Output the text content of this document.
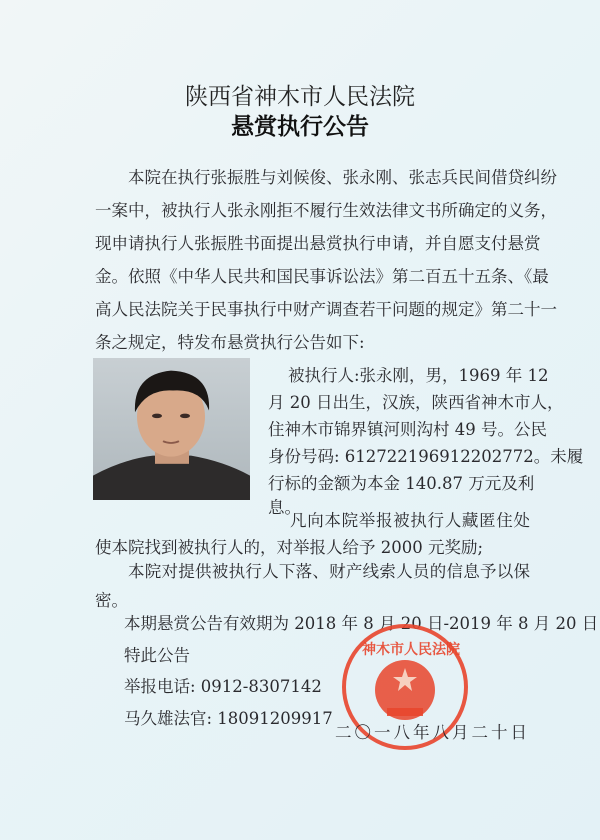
陕西省神木市人民法院
悬赏执行公告
本院在执行张振胜与刘候俊、张永刚、张志兵民间借贷纠纷
一案中，被执行人张永刚拒不履行生效法律文书所确定的义务，
现申请执行人张振胜书面提出悬赏执行申请，并自愿支付悬赏
金。依照《中华人民共和国民事诉讼法》第二百五十五条、《最
高人民法院关于民事执行中财产调查若干问题的规定》第二十一
条之规定，特发布悬赏执行公告如下:
被执行人:张永刚，男，1969 年 12
月 20 日出生，汉族，陕西省神木市人，
住神木市锦界镇河则沟村 49 号。公民
身份号码: 612722196912202772。未履
行标的金额为本金 140.87 万元及利
息。
凡向本院举报被执行人藏匿住处
使本院找到被执行人的，对举报人给予 2000 元奖励;
本院对提供被执行人下落、财产线索人员的信息予以保
密。
本期悬赏公告有效期为 2018 年 8 月 20 日-2019 年 8 月 20 日
特此公告
举报电话: 0912-8307142
马久雄法官: 18091209917
神木市人民法院
二〇一八年八月二十日
